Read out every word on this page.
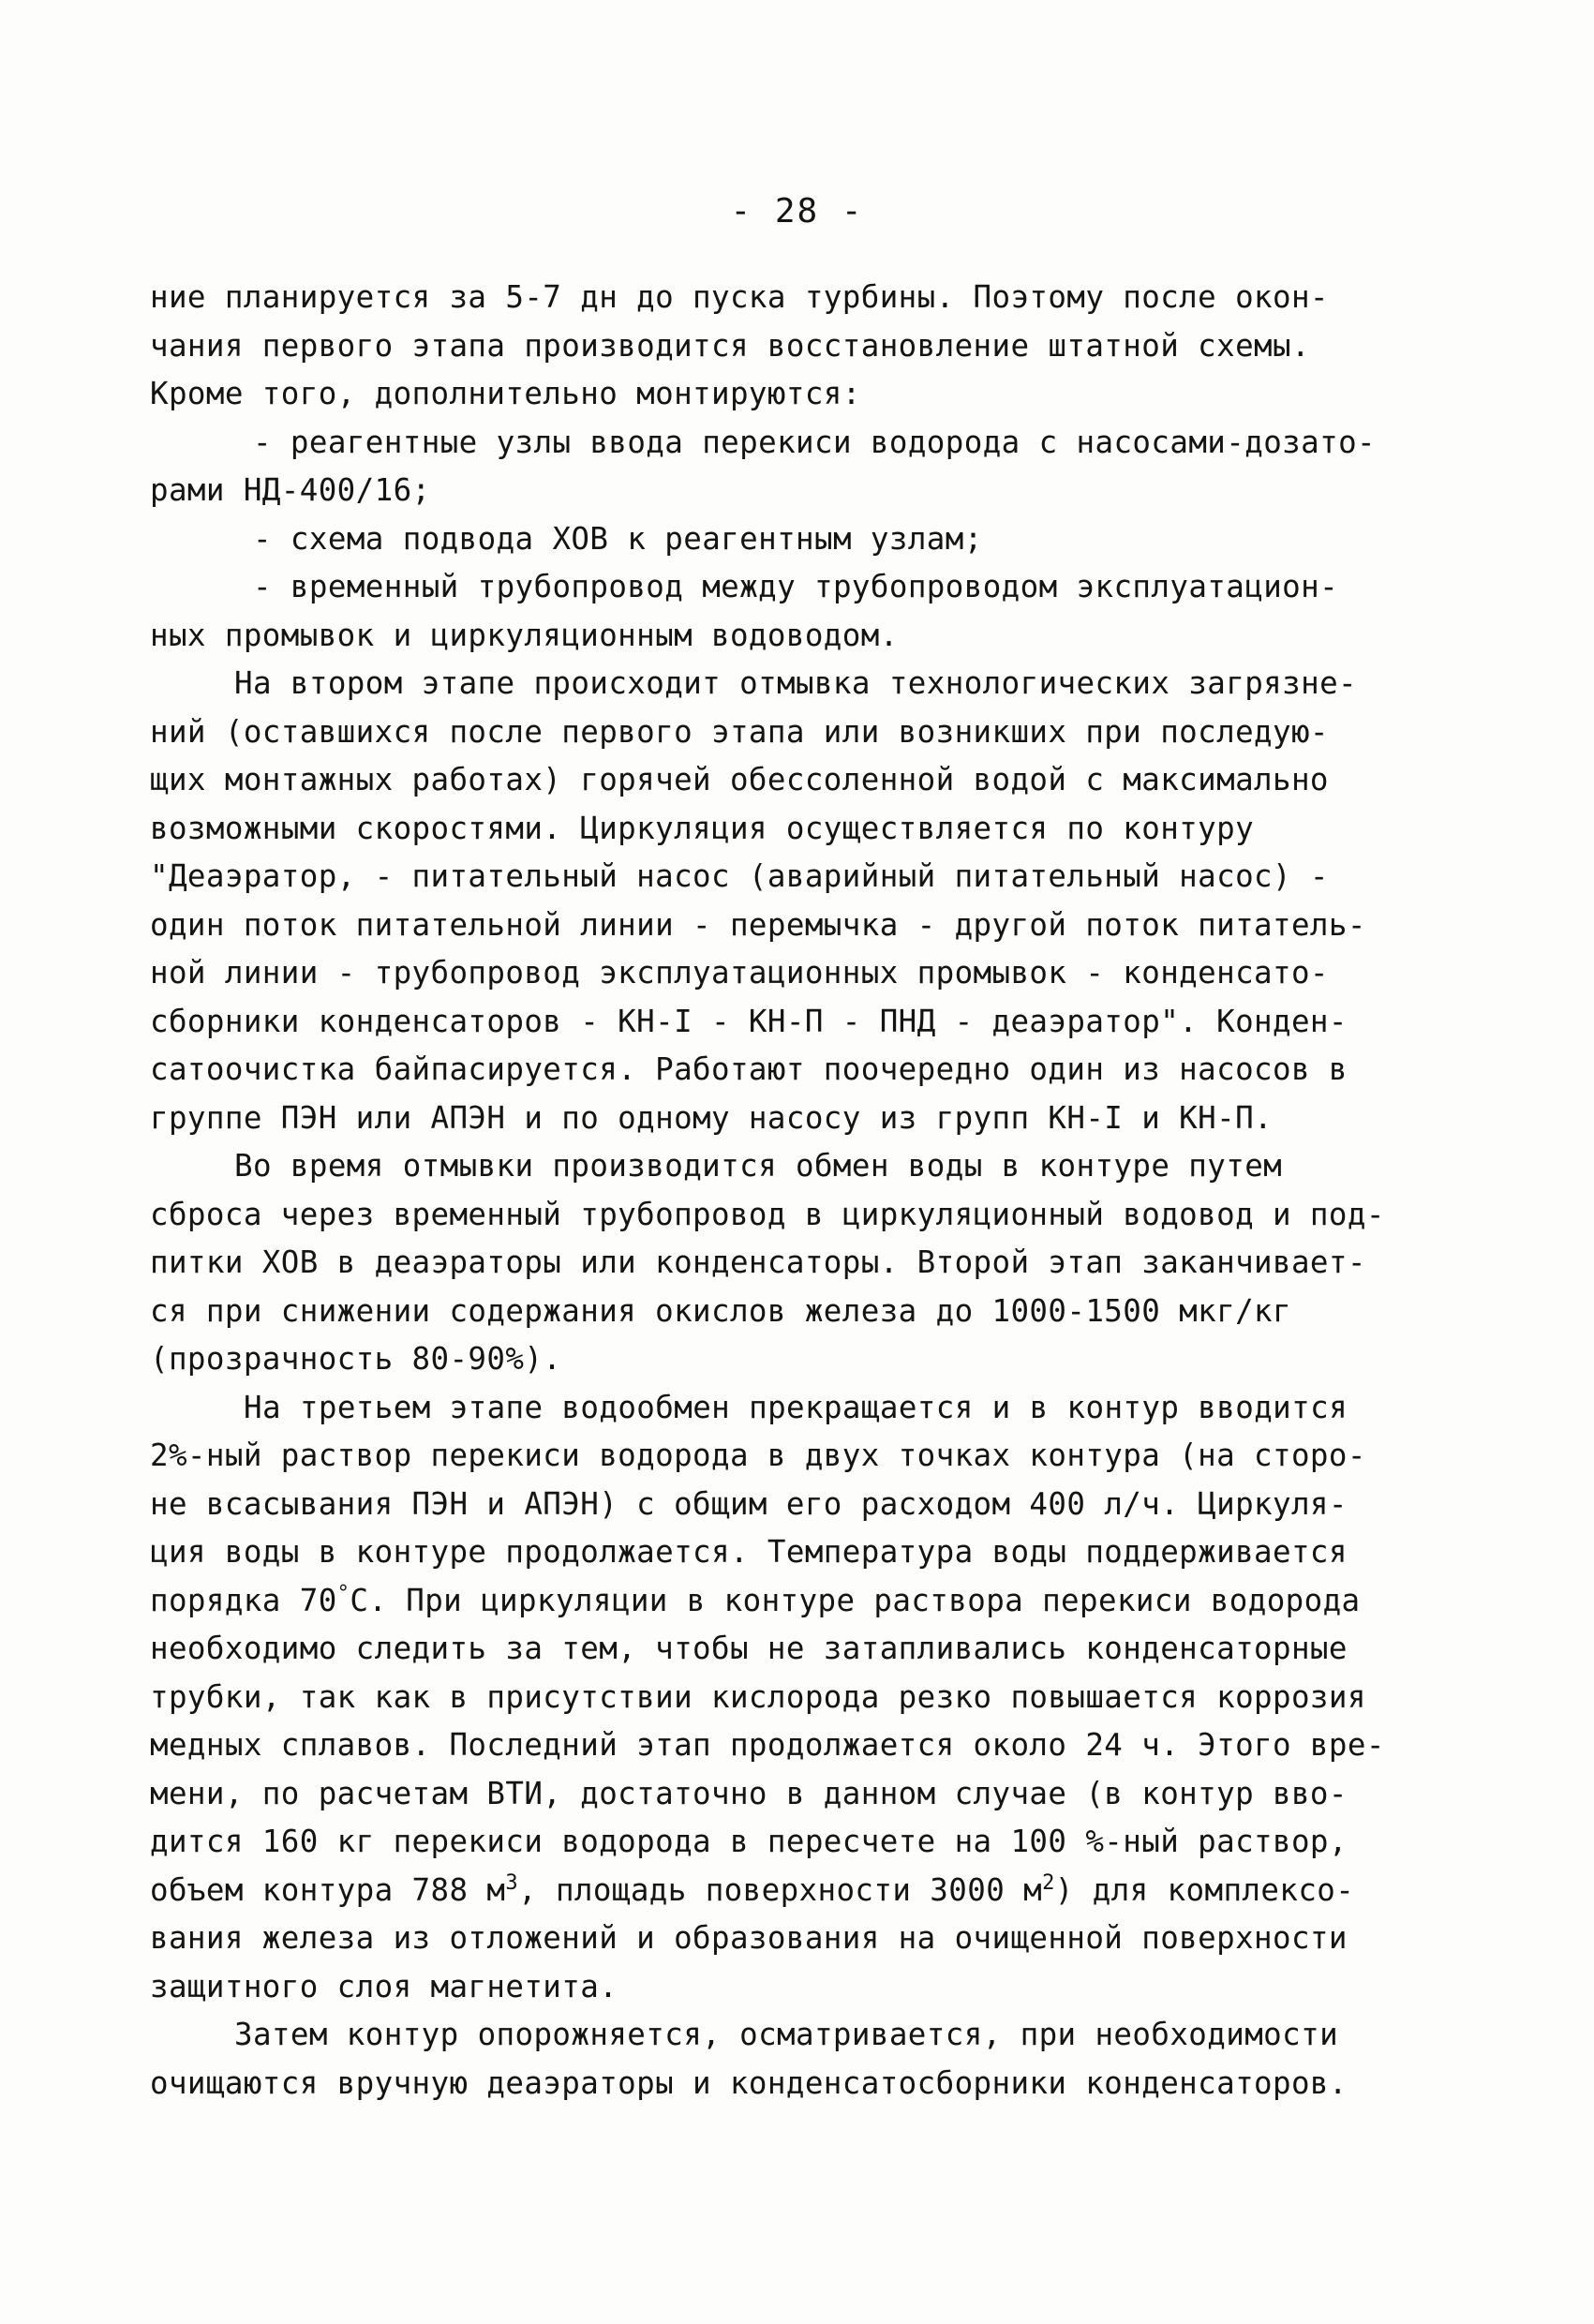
- 28 -
ние планируется за 5-7 дн до пуска турбины. Поэтому после окон-
чания первого этапа производится восстановление штатной схемы.
Кроме того, дополнительно монтируются:
- реагентные узлы ввода перекиси водорода с насосами-дозато-
рами НД-400/16;
- схема подвода ХОВ к реагентным узлам;
- временный трубопровод между трубопроводом эксплуатацион-
ных промывок и циркуляционным водоводом.
На втором этапе происходит отмывка технологических загрязне-
ний (оставшихся после первого этапа или возникших при последую-
щих монтажных работах) горячей обессоленной водой с максимально
возможными скоростями. Циркуляция осуществляется по контуру
"Деаэратор, - питательный насос (аварийный питательный насос) -
один поток питательной линии - перемычка - другой поток питатель-
ной линии - трубопровод эксплуатационных промывок - конденсато-
сборники конденсаторов - КН-I - КН-П - ПНД - деаэратор". Конден-
сатоочистка байпасируется. Работают поочередно один из насосов в
группе ПЭН или АПЭН и по одному насосу из групп КН-I и КН-П.
Во время отмывки производится обмен воды в контуре путем
сброса через временный трубопровод в циркуляционный водовод и под-
питки ХОВ в деаэраторы или конденсаторы. Второй этап заканчивает-
ся при снижении содержания окислов железа до 1000-1500 мкг/кг
(прозрачность 80-90%).
На третьем этапе водообмен прекращается и в контур вводится
2%-ный раствор перекиси водорода в двух точках контура (на сторо-
не всасывания ПЭН и АПЭН) с общим его расходом 400 л/ч. Циркуля-
ция воды в контуре продолжается. Температура воды поддерживается
порядка 70°С. При циркуляции в контуре раствора перекиси водорода
необходимо следить за тем, чтобы не затапливались конденсаторные
трубки, так как в присутствии кислорода резко повышается коррозия
медных сплавов. Последний этап продолжается около 24 ч. Этого вре-
мени, по расчетам ВТИ, достаточно в данном случае (в контур вво-
дится 160 кг перекиси водорода в пересчете на 100 %-ный раствор,
объем контура 788 $м^3$, площадь поверхности 3000 $м^2$) для комплексо-
вания железа из отложений и образования на очищенной поверхности
защитного слоя магнетита.
Затем контур опорожняется, осматривается, при необходимости
очищаются вручную деаэраторы и конденсатосборники конденсаторов.
